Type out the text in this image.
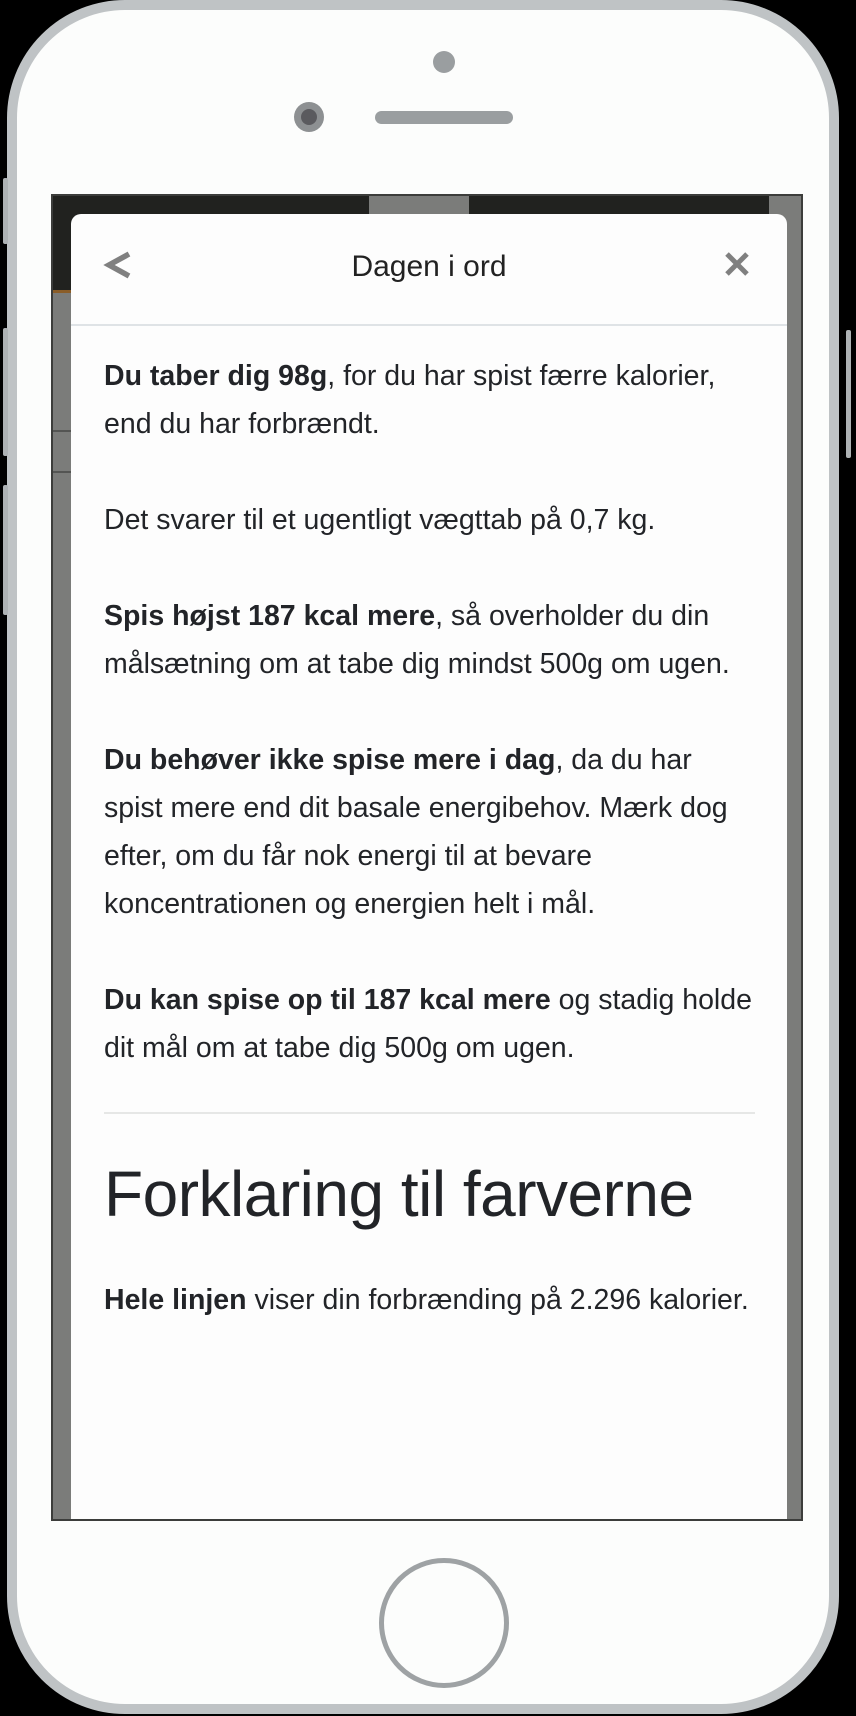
Dagen i ord

Du taber dig 98g, for du har spist færre kalorier, end du har forbrændt.

Det svarer til et ugentligt vægttab på 0,7 kg.

Spis højst 187 kcal mere, så overholder du din målsætning om at tabe dig mindst 500g om ugen.

Du behøver ikke spise mere i dag, da du har spist mere end dit basale energibehov. Mærk dog efter, om du får nok energi til at bevare koncentrationen og energien helt i mål.

Du kan spise op til 187 kcal mere og stadig holde dit mål om at tabe dig 500g om ugen.

Forklaring til farverne

Hele linjen viser din forbrænding på 2.296 kalorier.
